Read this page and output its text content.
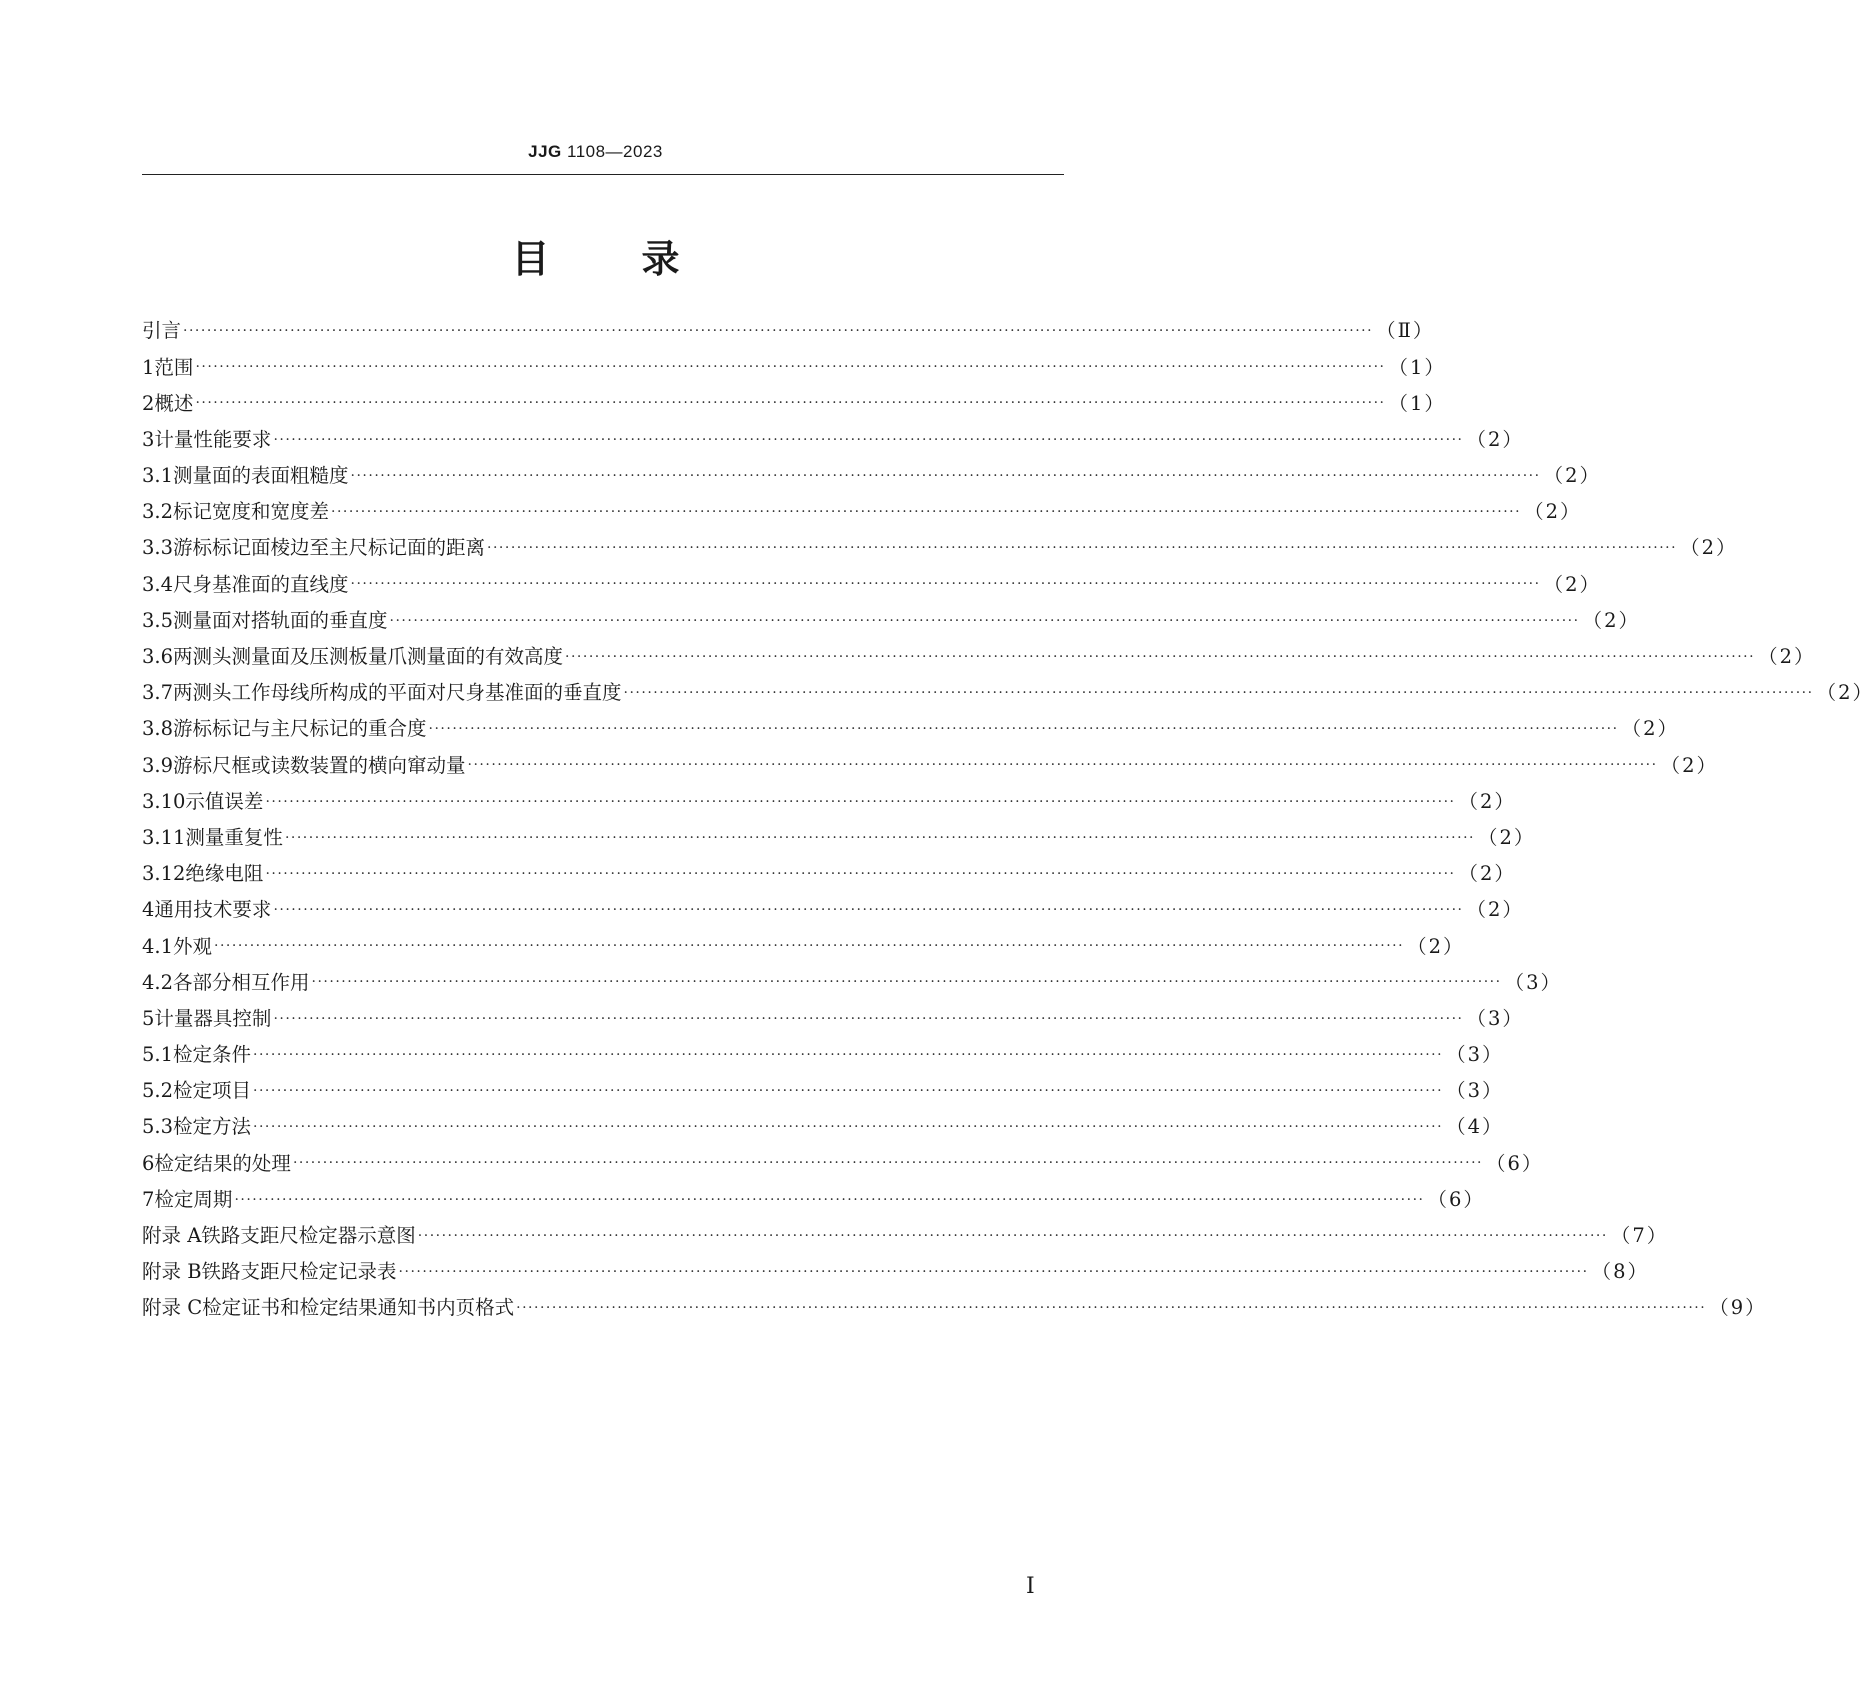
JJG 1108—2023
目 录
引言 ········································································································································································································ （Ⅱ）
1 范围 ········································································································································································································ （1）
2 概述 ········································································································································································································ （1）
3 计量性能要求 ········································································································································································································ （2）
3.1 测量面的表面粗糙度 ········································································································································································································ （2）
3.2 标记宽度和宽度差 ········································································································································································································ （2）
3.3 游标标记面棱边至主尺标记面的距离 ········································································································································································································ （2）
3.4 尺身基准面的直线度 ········································································································································································································ （2）
3.5 测量面对搭轨面的垂直度 ········································································································································································································ （2）
3.6 两测头测量面及压测板量爪测量面的有效高度 ········································································································································································································ （2）
3.7 两测头工作母线所构成的平面对尺身基准面的垂直度 ········································································································································································································ （2）
3.8 游标标记与主尺标记的重合度 ········································································································································································································ （2）
3.9 游标尺框或读数装置的横向窜动量 ········································································································································································································ （2）
3.10 示值误差 ········································································································································································································ （2）
3.11 测量重复性 ········································································································································································································ （2）
3.12 绝缘电阻 ········································································································································································································ （2）
4 通用技术要求 ········································································································································································································ （2）
4.1 外观 ········································································································································································································ （2）
4.2 各部分相互作用 ········································································································································································································ （3）
5 计量器具控制 ········································································································································································································ （3）
5.1 检定条件 ········································································································································································································ （3）
5.2 检定项目 ········································································································································································································ （3）
5.3 检定方法 ········································································································································································································ （4）
6 检定结果的处理 ········································································································································································································ （6）
7 检定周期 ········································································································································································································ （6）
附录 A 铁路支距尺检定器示意图 ········································································································································································································ （7）
附录 B 铁路支距尺检定记录表 ········································································································································································································ （8）
附录 C 检定证书和检定结果通知书内页格式 ········································································································································································································ （9）
Ⅰ
